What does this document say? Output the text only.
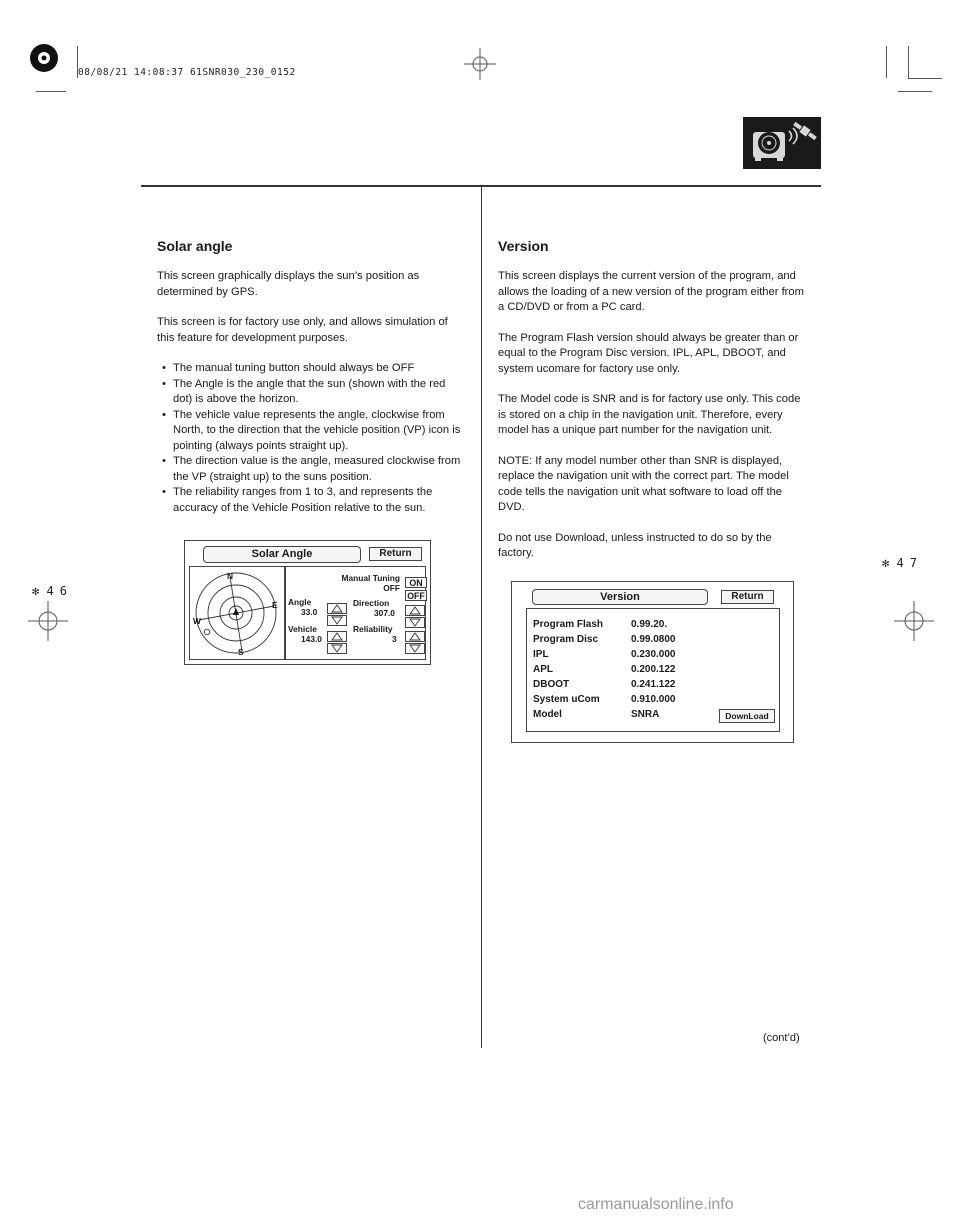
08/08/21 14:08:37 61SNR030_230_0152
Solar angle

This screen graphically displays the sun’s position as determined by GPS.

This screen is for factory use only, and allows simulation of this feature for development purposes.

• The manual tuning button should always be OFF
• The Angle is the angle that the sun (shown with the red dot) is above the horizon.
• The vehicle value represents the angle, clockwise from North, to the direction that the vehicle position (VP) icon is pointing (always points straight up).
• The direction value is the angle, measured clockwise from the VP (straight up) to the suns position.
• The reliability ranges from 1 to 3, and represents the accuracy of the Vehicle Position relative to the sun.
Solar Angle	Return
N
E
S
W
Manual Tuning
OFF	ON
OFF
Angle
33.0
Direction
307.0
Vehicle
143.0
Reliability
3
✻ 46
Version

This screen displays the current version of the program, and allows the loading of a new version of the program either from a CD/DVD or from a PC card.

The Program Flash version should always be greater than or equal to the Program Disc version. IPL, APL, DBOOT, and system ucomare for factory use only.

The Model code is SNR and is for factory use only. This code is stored on a chip in the navigation unit. Therefore, every model has a unique part number for the navigation unit.

NOTE: If any model number other than SNR is displayed, replace the navigation unit with the correct part. The model code tells the navigation unit what software to load off the DVD.

Do not use Download, unless instructed to do so by the factory.

Version	Return
Program Flash	0.99.20.
Program Disc	0.99.0800
IPL	0.230.000
APL	0.200.122
DBOOT	0.241.122
System uCom	0.910.000
Model	SNRA	DownLoad
✻ 47
(cont’d)
carmanualsonline.info
